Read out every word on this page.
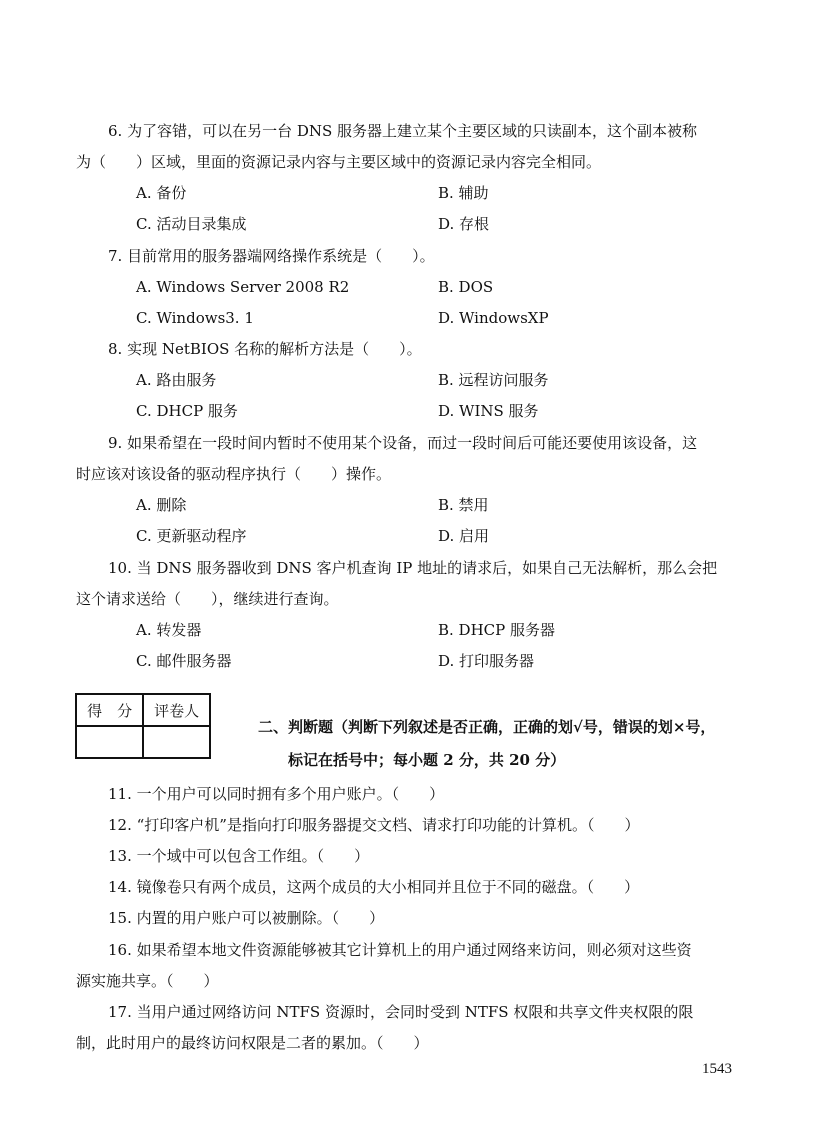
6. 为了容错，可以在另一台 DNS 服务器上建立某个主要区域的只读副本，这个副本被称
为（　　）区域，里面的资源记录内容与主要区域中的资源记录内容完全相同。
A. 备份	B. 辅助
C. 活动目录集成	D. 存根
7. 目前常用的服务器端网络操作系统是（　　）。
A. Windows Server 2008 R2	B. DOS
C. Windows3. 1	D. WindowsXP
8. 实现 NetBIOS 名称的解析方法是（　　）。
A. 路由服务	B. 远程访问服务
C. DHCP 服务	D. WINS 服务
9. 如果希望在一段时间内暂时不使用某个设备，而过一段时间后可能还要使用该设备，这
时应该对该设备的驱动程序执行（　　）操作。
A. 删除	B. 禁用
C. 更新驱动程序	D. 启用
10. 当 DNS 服务器收到 DNS 客户机查询 IP 地址的请求后，如果自己无法解析，那么会把
这个请求送给（　　），继续进行查询。
A. 转发器	B. DHCP 服务器
C. 邮件服务器	D. 打印服务器
得　分	评卷人

二、判断题（判断下列叙述是否正确，正确的划√号，错误的划×号，
标记在括号中；每小题 2 分，共 20 分）
11. 一个用户可以同时拥有多个用户账户。（　　）
12. “打印客户机”是指向打印服务器提交文档、请求打印功能的计算机。（　　）
13. 一个域中可以包含工作组。（　　）
14. 镜像卷只有两个成员，这两个成员的大小相同并且位于不同的磁盘。（　　）
15. 内置的用户账户可以被删除。（　　）
16. 如果希望本地文件资源能够被其它计算机上的用户通过网络来访问，则必须对这些资
源实施共享。（　　）
17. 当用户通过网络访问 NTFS 资源时，会同时受到 NTFS 权限和共享文件夹权限的限
制，此时用户的最终访问权限是二者的累加。（　　）
1543
